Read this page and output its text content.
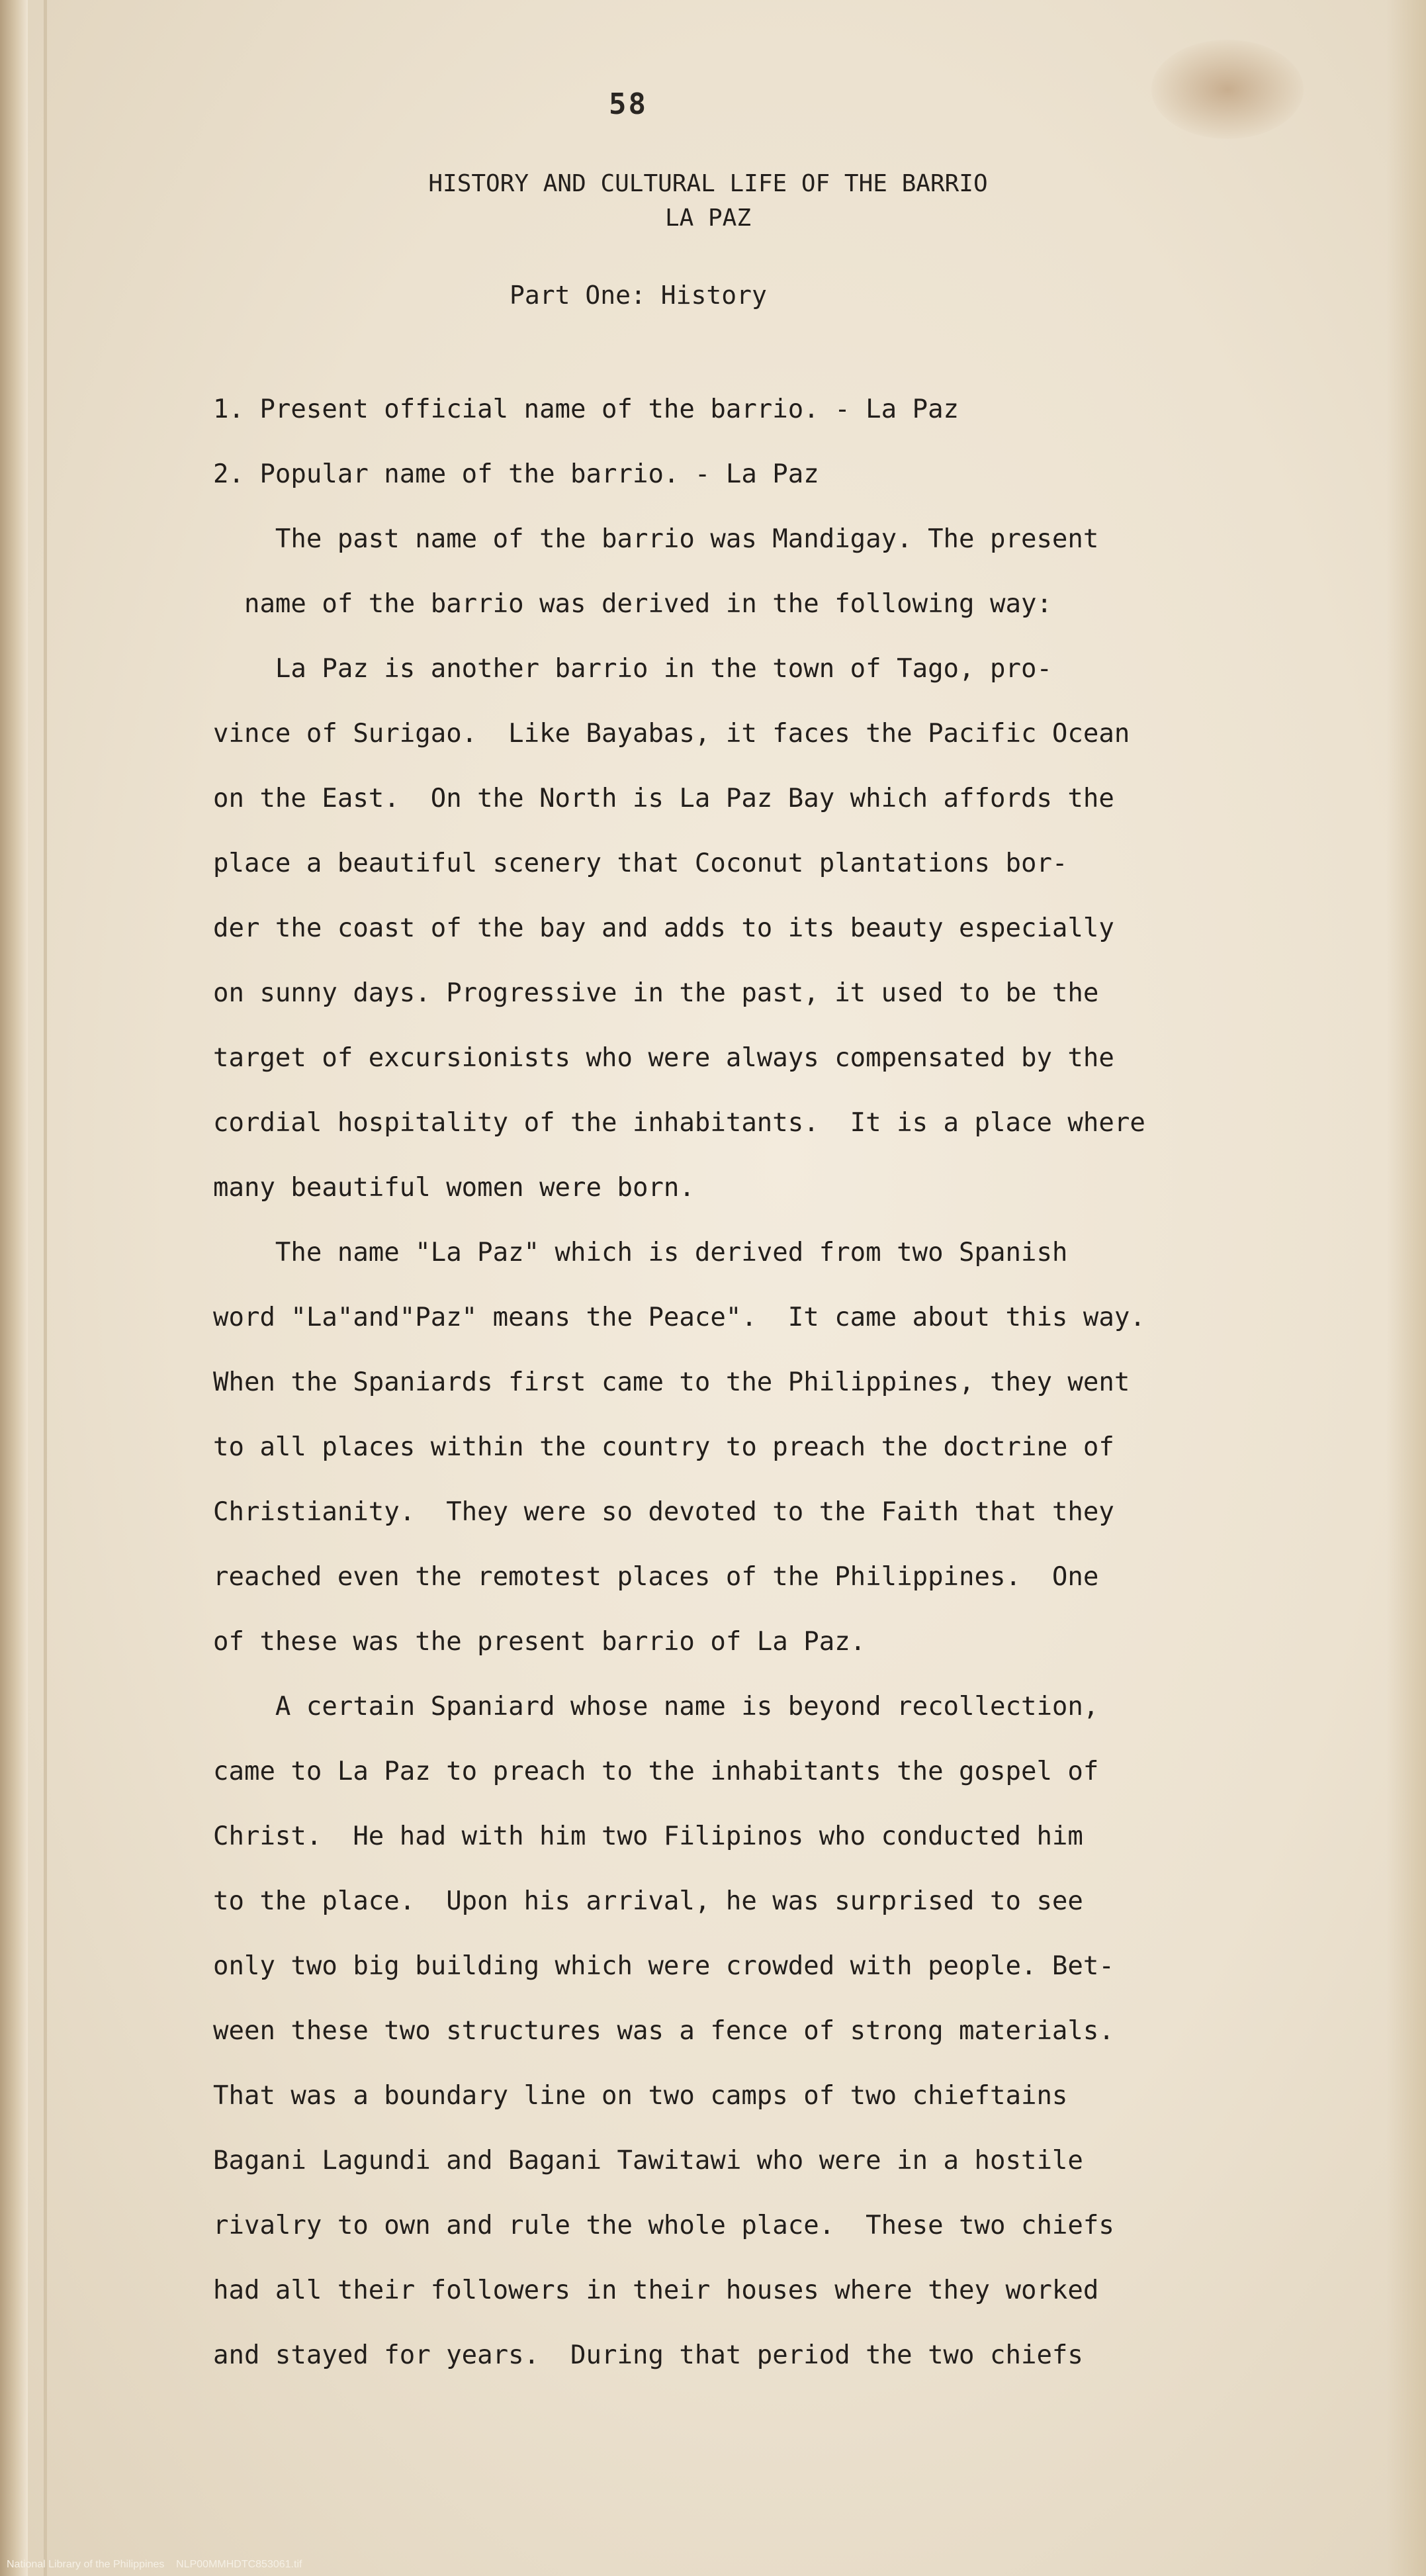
58
HISTORY AND CULTURAL LIFE OF THE BARRIO
LA PAZ
Part One: History
1. Present official name of the barrio. - La Paz
2. Popular name of the barrio. - La Paz
The past name of the barrio was Mandigay. The present
name of the barrio was derived in the following way:
La Paz is another barrio in the town of Tago, pro-
vince of Surigao.  Like Bayabas, it faces the Pacific Ocean
on the East.  On the North is La Paz Bay which affords the
place a beautiful scenery that Coconut plantations bor-
der the coast of the bay and adds to its beauty especially
on sunny days. Progressive in the past, it used to be the
target of excursionists who were always compensated by the
cordial hospitality of the inhabitants.  It is a place where
many beautiful women were born.
The name "La Paz" which is derived from two Spanish
word "La"and"Paz" means the Peace".  It came about this way.
When the Spaniards first came to the Philippines, they went
to all places within the country to preach the doctrine of
Christianity.  They were so devoted to the Faith that they
reached even the remotest places of the Philippines.  One
of these was the present barrio of La Paz.
A certain Spaniard whose name is beyond recollection,
came to La Paz to preach to the inhabitants the gospel of
Christ.  He had with him two Filipinos who conducted him
to the place.  Upon his arrival, he was surprised to see
only two big building which were crowded with people. Bet-
ween these two structures was a fence of strong materials.
That was a boundary line on two camps of two chieftains
Bagani Lagundi and Bagani Tawitawi who were in a hostile
rivalry to own and rule the whole place.  These two chiefs
had all their followers in their houses where they worked
and stayed for years.  During that period the two chiefs
National Library of the Philippines    NLP00MMHDTC853061.tif
